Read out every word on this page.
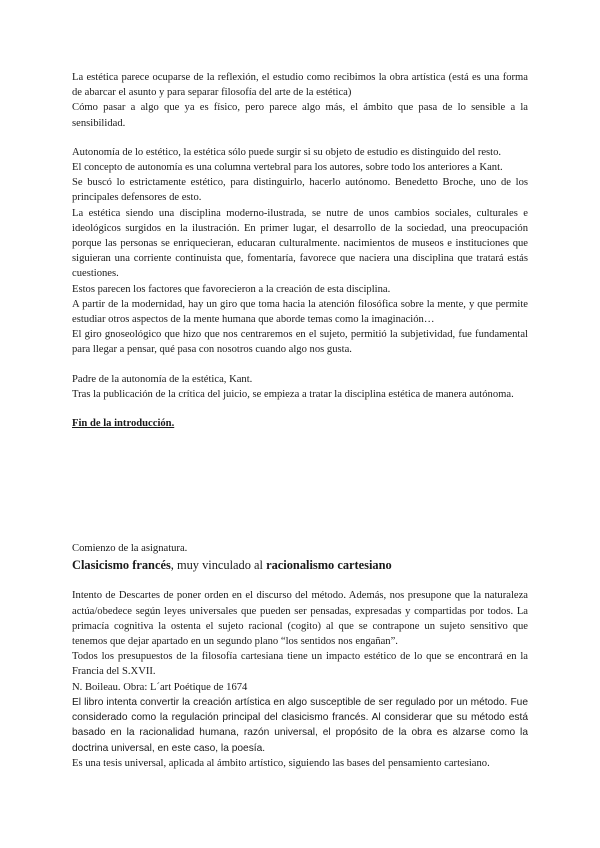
La estética parece ocuparse de la reflexión, el estudio como recibimos la obra artística (está es una forma de abarcar el asunto y para separar filosofía del arte de la estética)

Cómo pasar a algo que ya es físico, pero parece algo más, el ámbito que pasa de lo sensible a la sensibilidad.

Autonomía de lo estético, la estética sólo puede surgir si su objeto de estudio es distinguido del resto.

El concepto de autonomía es una columna vertebral para los autores, sobre todo los anteriores a Kant.

Se buscó lo estrictamente estético, para distinguirlo, hacerlo autónomo. Benedetto Broche, uno de los principales defensores de esto.

La estética siendo una disciplina moderno-ilustrada, se nutre de unos cambios sociales, culturales e ideológicos surgidos en la ilustración. En primer lugar, el desarrollo de la sociedad, una preocupación porque las personas se enriquecieran, educaran culturalmente. nacimientos de museos e instituciones que siguieran una corriente continuista que, fomentaría, favorece que naciera una disciplina que tratará estás cuestiones.

Estos parecen los factores que favorecieron a la creación de esta disciplina.

A partir de la modernidad, hay un giro que toma hacia la atención filosófica sobre la mente, y que permite estudiar otros aspectos de la mente humana que aborde temas como la imaginación…

El giro gnoseológico que hizo que nos centraremos en el sujeto, permitió la subjetividad, fue fundamental para llegar a pensar, qué pasa con nosotros cuando algo nos gusta.

Padre de la autonomía de la estética, Kant.

Tras la publicación de la crítica del juicio, se empieza a tratar la disciplina estética de manera autónoma.

Fin de la introducción.

Comienzo de la asignatura.

Clasicismo francés, muy vinculado al racionalismo cartesiano

Intento de Descartes de poner orden en el discurso del método. Además, nos presupone que la naturaleza actúa/obedece según leyes universales que pueden ser pensadas, expresadas y compartidas por todos. La primacía cognitiva la ostenta el sujeto racional (cogito) al que se contrapone un sujeto sensitivo que tenemos que dejar apartado en un segundo plano “los sentidos nos engañan”.

Todos los presupuestos de la filosofía cartesiana tiene un impacto estético de lo que se encontrará en la Francia del S.XVII.

N. Boileau. Obra: L´art Poétique de 1674

El libro intenta convertir la creación artística en algo susceptible de ser regulado por un método. Fue considerado como la regulación principal del clasicismo francés. Al considerar que su método está basado en la racionalidad humana, razón universal, el propósito de la obra es alzarse como la doctrina universal, en este caso, la poesía.

Es una tesis universal, aplicada al ámbito artístico, siguiendo las bases del pensamiento cartesiano.
